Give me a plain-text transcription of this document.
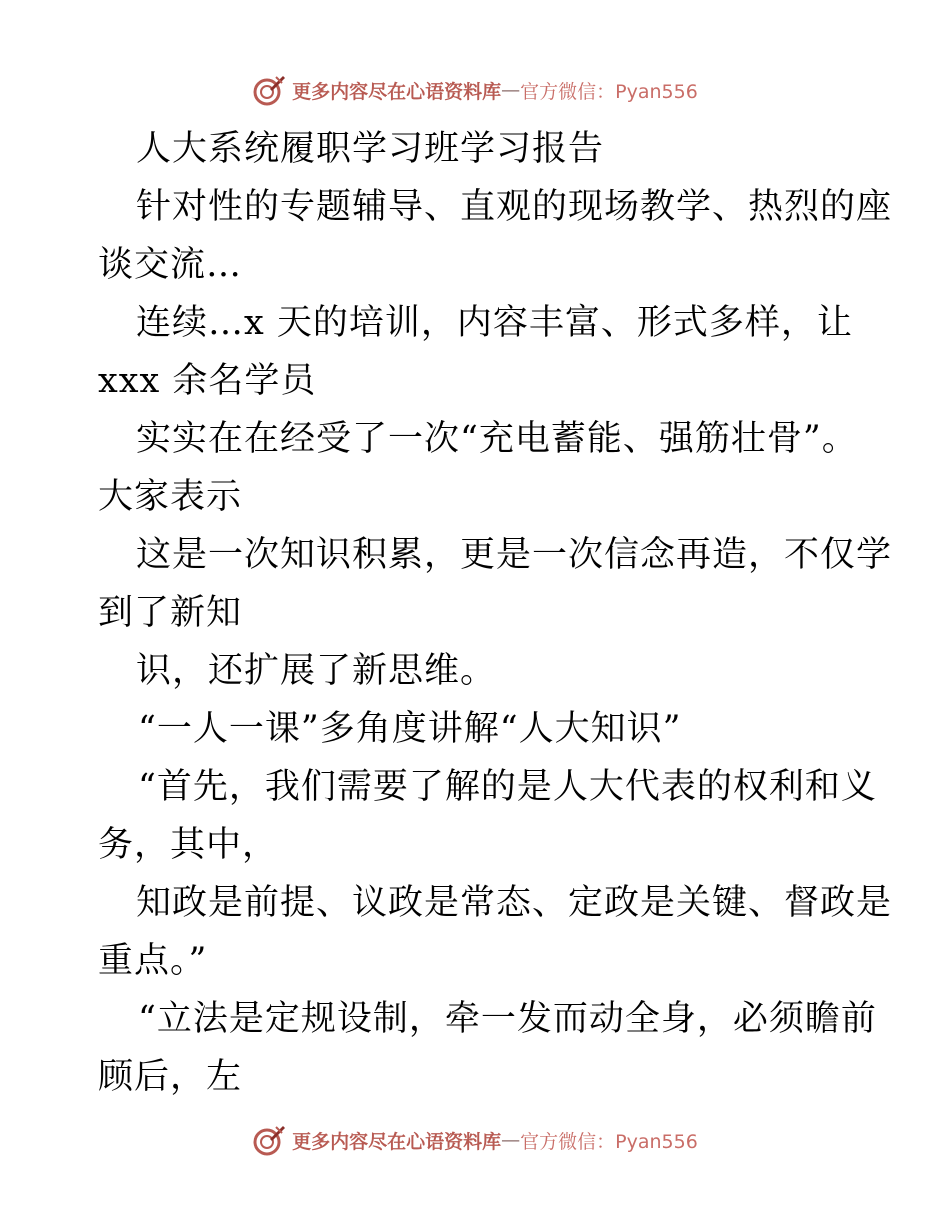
更多内容尽在心语资料库 — 官方微信：Pyan556
人大系统履职学习班学习报告
针对性的专题辅导、直观的现场教学、热烈的座
谈交流…
连续…x 天的培训，内容丰富、形式多样，让
xxx 余名学员
实实在在经受了一次“充电蓄能、强筋壮骨”。
大家表示
这是一次知识积累，更是一次信念再造，不仅学
到了新知
识，还扩展了新思维。
“一人一课”多角度讲解“人大知识”
“首先，我们需要了解的是人大代表的权利和义
务，其中，
知政是前提、议政是常态、定政是关键、督政是
重点。”
“立法是定规设制，牵一发而动全身，必须瞻前
顾后，左
更多内容尽在心语资料库 — 官方微信：Pyan556
